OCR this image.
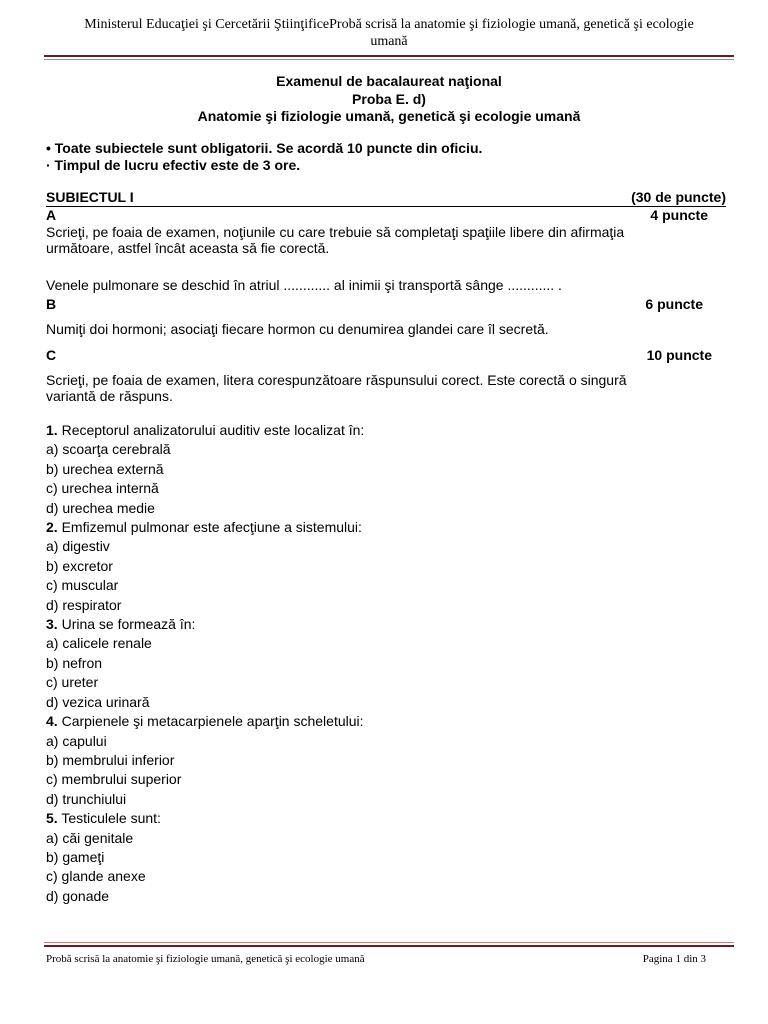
Ministerul Educaţiei şi Cercetării ŞtiinţificeProbă scrisă la anatomie şi fiziologie umană, genetică şi ecologie
umană
Examenul de bacalaureat naţional
Proba E. d)
Anatomie şi fiziologie umană, genetică şi ecologie umană
• Toate subiectele sunt obligatorii. Se acordă 10 puncte din oficiu.
· Timpul de lucru efectiv este de 3 ore.
SUBIECTUL I	(30 de puncte)
A	4 puncte
Scrieţi, pe foaia de examen, noţiunile cu care trebuie să completaţi spaţiile libere din afirmaţia
următoare, astfel încât aceasta să fie corectă.
Venele pulmonare se deschid în atriul ............ al inimii şi transportă sânge ............ .
B	6 puncte
Numiţi doi hormoni; asociaţi fiecare hormon cu denumirea glandei care îl secretă.
C	10 puncte
Scrieţi, pe foaia de examen, litera corespunzătoare răspunsului corect. Este corectă o singură
variantă de răspuns.
1. Receptorul analizatorului auditiv este localizat în:
a) scoarţa cerebrală
b) urechea externă
c) urechea internă
d) urechea medie
2. Emfizemul pulmonar este afecţiune a sistemului:
a) digestiv
b) excretor
c) muscular
d) respirator
3. Urina se formează în:
a) calicele renale
b) nefron
c) ureter
d) vezica urinară
4. Carpienele şi metacarpienele aparţin scheletului:
a) capului
b) membrului inferior
c) membrului superior
d) trunchiului
5. Testiculele sunt:
a) căi genitale
b) gameţi
c) glande anexe
d) gonade
Probă scrisă la anatomie şi fiziologie umană, genetică şi ecologie umană	Pagina 1 din 3
